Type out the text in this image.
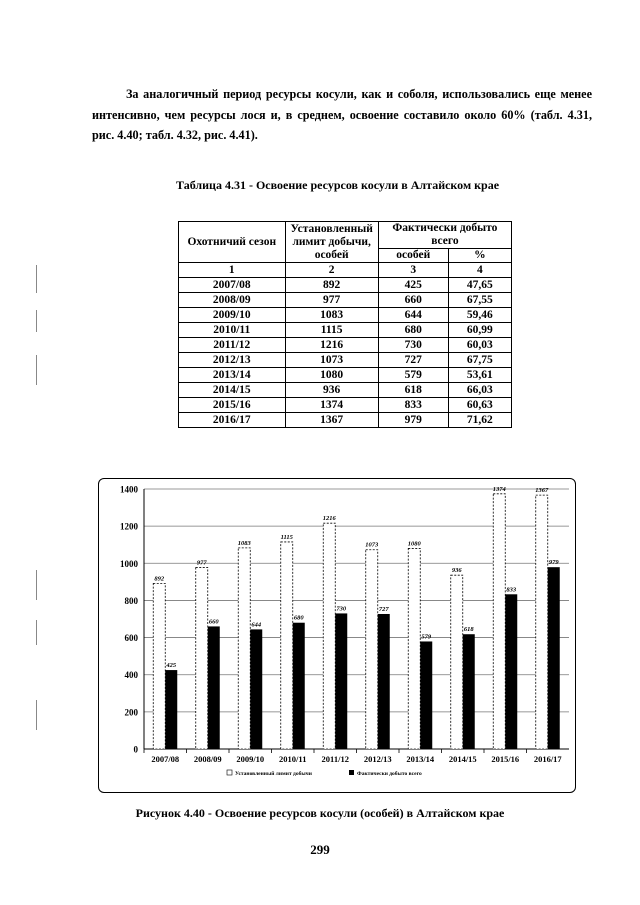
За аналогичный период ресурсы косули, как и соболя, использовались еще менее интенсивно, чем ресурсы лося и, в среднем, освоение составило около 60% (табл. 4.31, рис. 4.40; табл. 4.32, рис. 4.41).
Таблица 4.31 - Освоение ресурсов косули в Алтайском крае
Охотничий сезон	Установленный лимит добычи, особей	Фактически добыто всего	
		особей	%
1	2	3	4
2007/08	892	425	47,65
2008/09	977	660	67,55
2009/10	1083	644	59,46
2010/11	1115	680	60,99
2011/12	1216	730	60,03
2012/13	1073	727	67,75
2013/14	1080	579	53,61
2014/15	936	618	66,03
2015/16	1374	833	60,63
2016/17	1367	979	71,62
0
200
400
600
800
1000
1200
1400
892
425
2007/08
977
660
2008/09
1083
644
2009/10
1115
680
2010/11
1216
730
2011/12
1073
727
2012/13
1080
579
2013/14
936
618
2014/15
1374
833
2015/16
1367
979
2016/17
Установленный лимит добычи	Фактически добыто всего
Рисунок 4.40 - Освоение ресурсов косули (особей) в Алтайском крае
299
